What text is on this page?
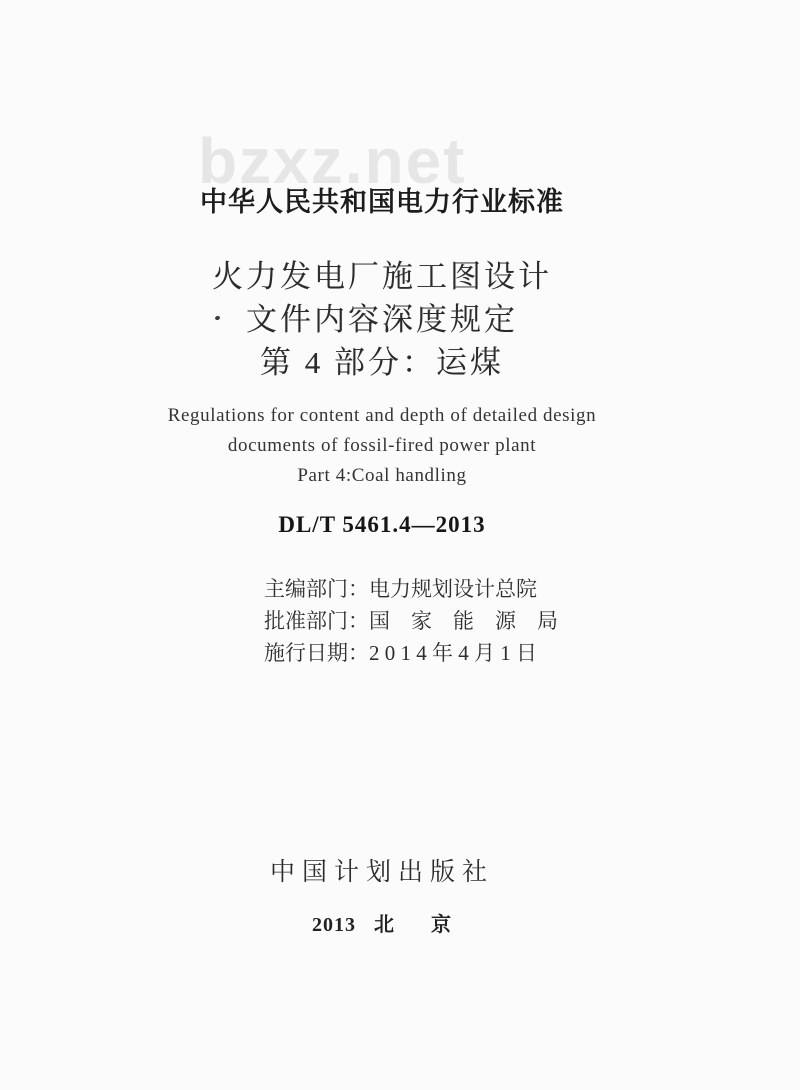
bzxz.net
中华人民共和国电力行业标准
火力发电厂施工图设计
文件内容深度规定
第 4 部分：运煤
Regulations for content and depth of detailed design
documents of fossil-fired power plant
Part 4:Coal handling
DL/T 5461.4—2013
主编部门：电力规划设计总院
批准部门：国　家　能　源　局
施行日期：2 0 1 4 年 4 月 1 日
中国计划出版社
2013   北      京
